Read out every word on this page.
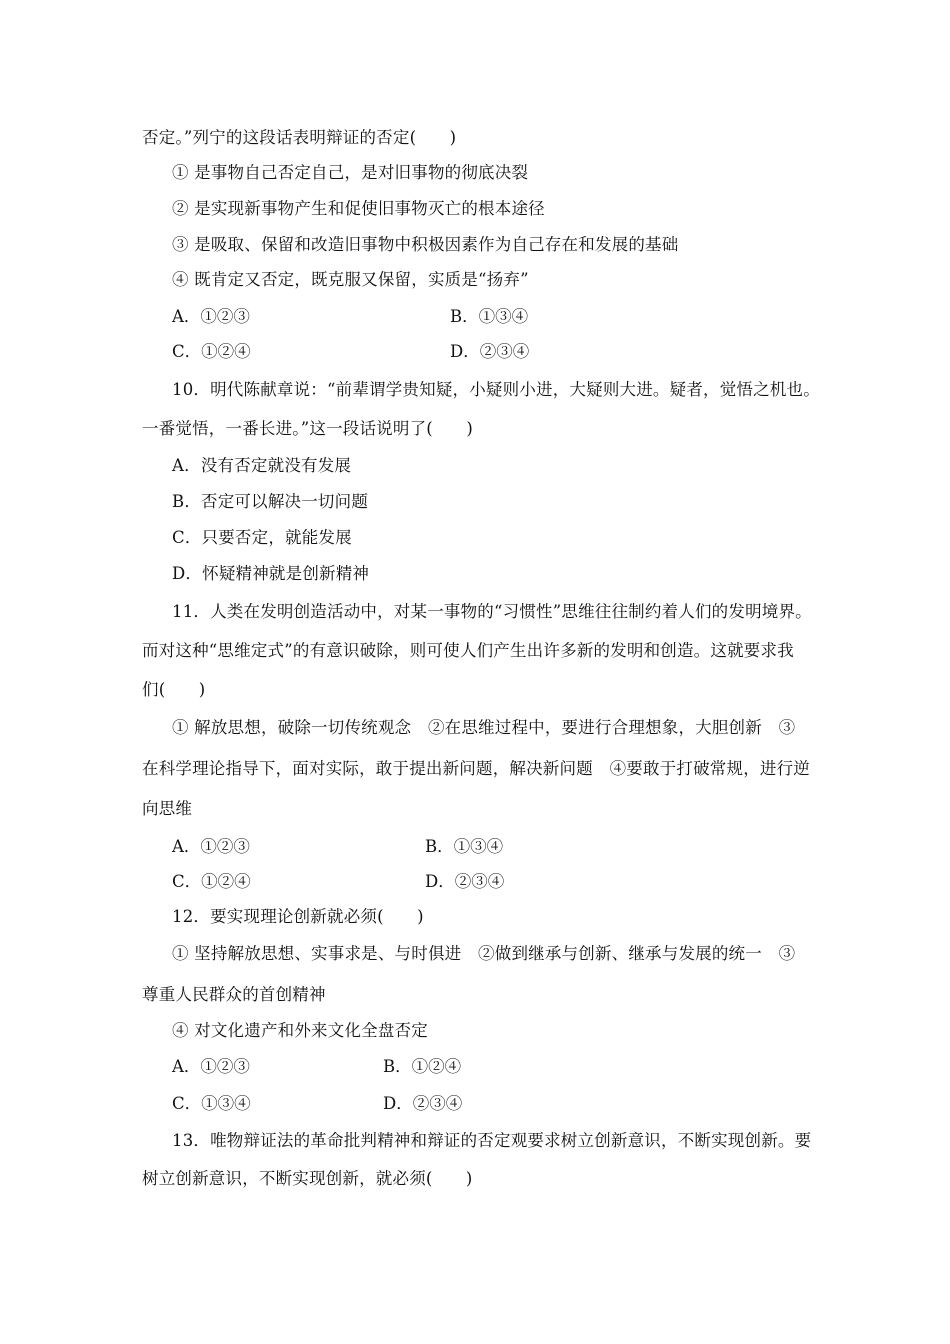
否定。”列宁的这段话表明辩证的否定(　　)
① 是事物自己否定自己，是对旧事物的彻底决裂
② 是实现新事物产生和促使旧事物灭亡的根本途径
③ 是吸取、保留和改造旧事物中积极因素作为自己存在和发展的基础
④ 既肯定又否定，既克服又保留，实质是“扬弃”
A．①②③	B．①③④
C．①②④	D．②③④
10．明代陈献章说：“前辈谓学贵知疑，小疑则小进，大疑则大进。疑者，觉悟之机也。
一番觉悟，一番长进。”这一段话说明了(　　)
A．没有否定就没有发展
B．否定可以解决一切问题
C．只要否定，就能发展
D．怀疑精神就是创新精神
11．人类在发明创造活动中，对某一事物的“习惯性”思维往往制约着人们的发明境界。
而对这种“思维定式”的有意识破除，则可使人们产生出许多新的发明和创造。这就要求我
们(　　)
① 解放思想，破除一切传统观念　②在思维过程中，要进行合理想象，大胆创新　③
在科学理论指导下，面对实际，敢于提出新问题，解决新问题　④要敢于打破常规，进行逆
向思维
A．①②③	B．①③④
C．①②④	D．②③④
12．要实现理论创新就必须(　　)
① 坚持解放思想、实事求是、与时俱进　②做到继承与创新、继承与发展的统一　③
尊重人民群众的首创精神
④ 对文化遗产和外来文化全盘否定
A．①②③	B．①②④
C．①③④	D．②③④
13．唯物辩证法的革命批判精神和辩证的否定观要求树立创新意识，不断实现创新。要
树立创新意识，不断实现创新，就必须(　　)
